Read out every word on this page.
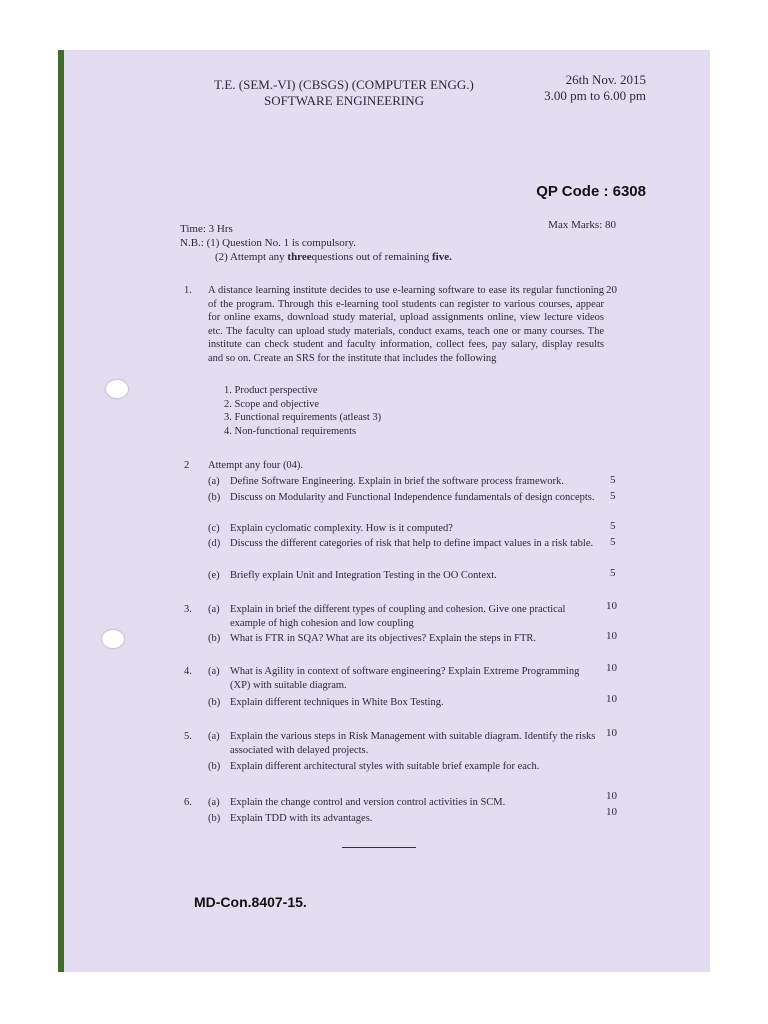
T.E. (SEM.-VI) (CBSGS) (COMPUTER ENGG.)
SOFTWARE ENGINEERING
26th Nov. 2015
3.00 pm to 6.00 pm
QP Code : 6308
Time: 3 Hrs	Max Marks: 80
N.B.: (1) Question No. 1 is compulsory.
(2) Attempt any threequestions out of remaining five.
1. A distance learning institute decides to use e-learning software to ease its regular functioning of the program. Through this e-learning tool students can register to various courses, appear for online exams, download study material, upload assignments online, view lecture videos etc. The faculty can upload study materials, conduct exams, teach one or many courses. The institute can check student and faculty information, collect fees, pay salary, display results and so on. Create an SRS for the institute that includes the following
20
1. Product perspective
2. Scope and objective
3. Functional requirements (atleast 3)
4. Non-functional requirements
2 Attempt any four (04).
(a) Define Software Engineering. Explain in brief the software process framework.	5
(b) Discuss on Modularity and Functional Independence fundamentals of design concepts.	5
(c) Explain cyclomatic complexity. How is it computed?	5
(d) Discuss the different categories of risk that help to define impact values in a risk table.	5
(e) Briefly explain Unit and Integration Testing in the OO Context.	5
3. (a) Explain in brief the different types of coupling and cohesion. Give one practical example of high cohesion and low coupling
10
(b) What is FTR in SQA? What are its objectives? Explain the steps in FTR.	10
4. (a) What is Agility in context of software engineering? Explain Extreme Programming (XP) with suitable diagram.
10
(b) Explain different techniques in White Box Testing.	10
5. (a) Explain the various steps in Risk Management with suitable diagram. Identify the risks associated with delayed projects.
10
(b) Explain different architectural styles with suitable brief example for each.
6. (a) Explain the change control and version control activities in SCM.
10
(b) Explain TDD with its advantages.
10
MD-Con.8407-15.
